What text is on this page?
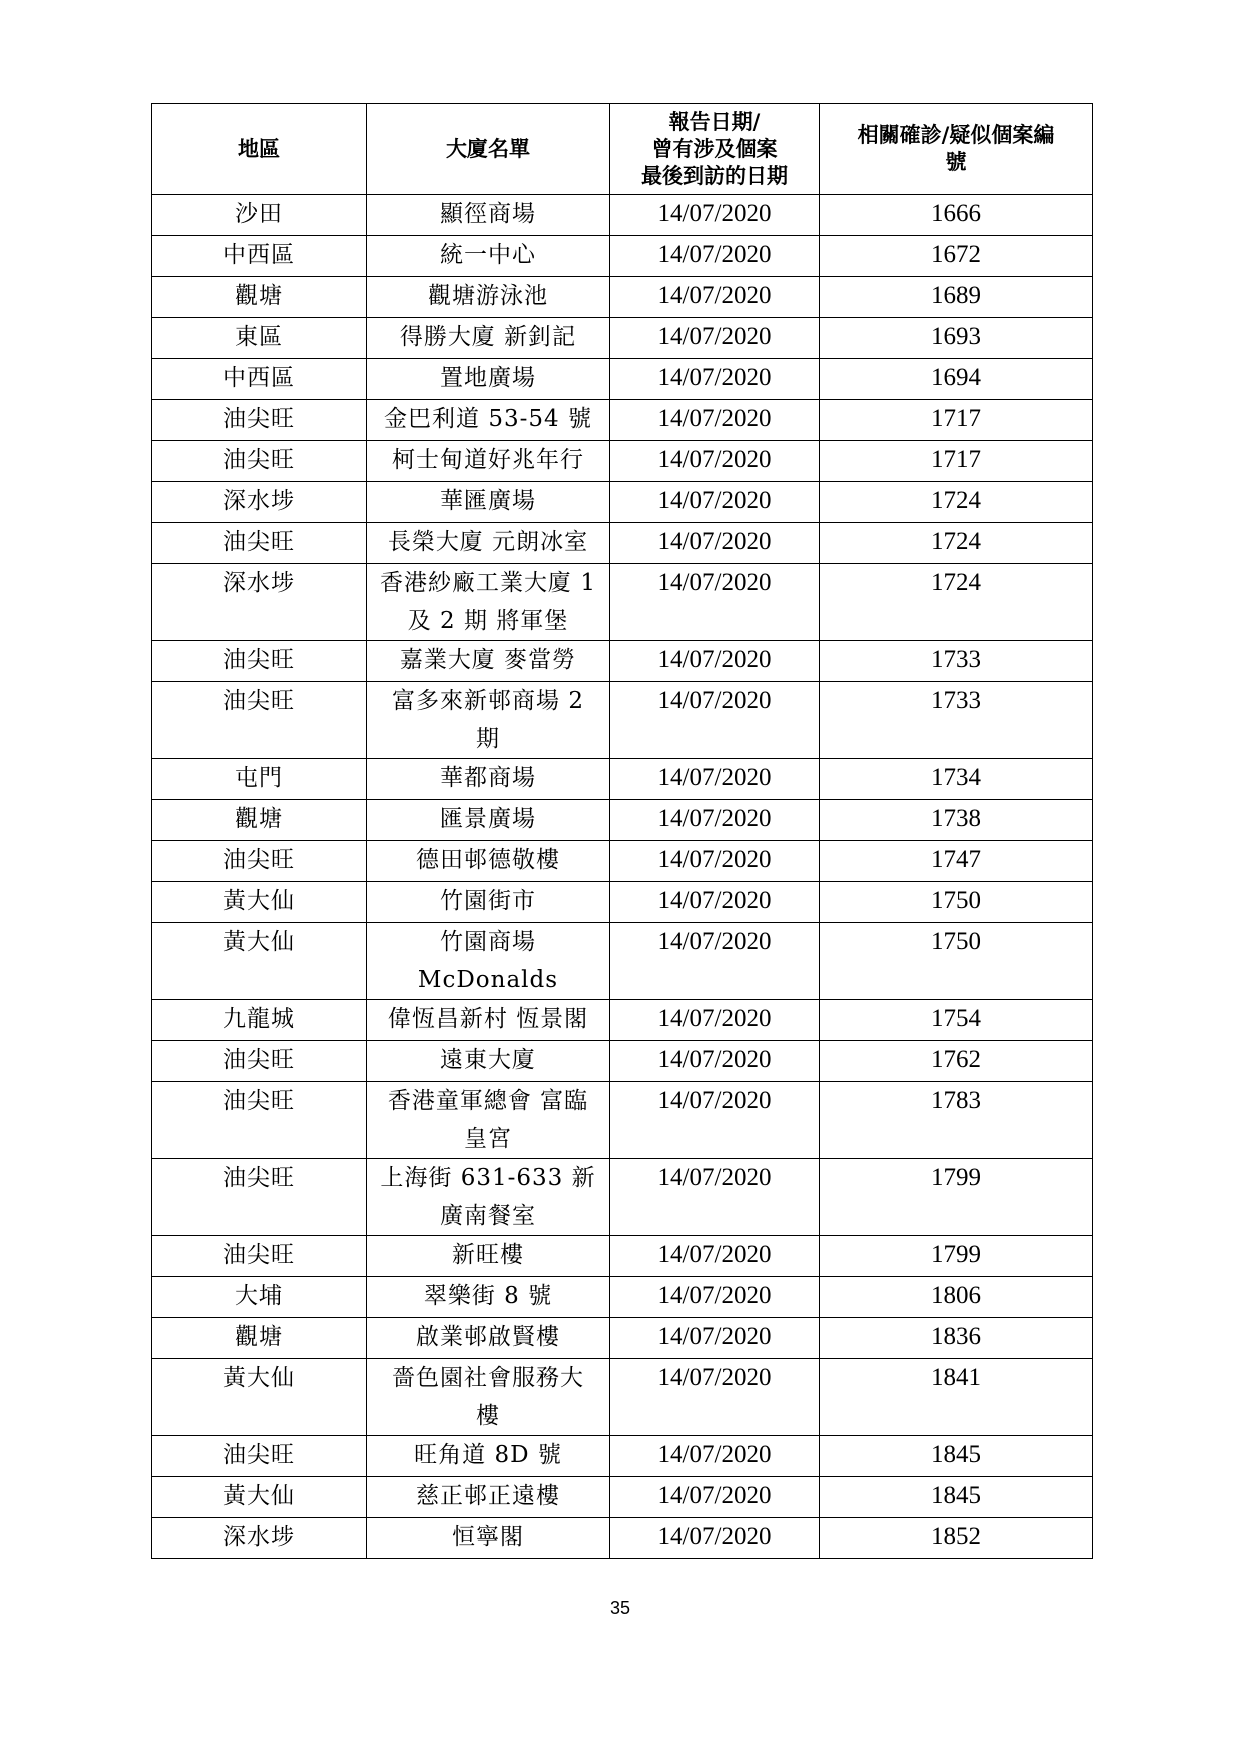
地區	大廈名單	報告日期/
曾有涉及個案
最後到訪的日期	相關確診/疑似個案編
號

沙田	顯徑商場	14/07/2020	1666
中西區	統一中心	14/07/2020	1672
觀塘	觀塘游泳池	14/07/2020	1689
東區	得勝大廈 新釗記	14/07/2020	1693
中西區	置地廣場	14/07/2020	1694
油尖旺	金巴利道 53-54 號	14/07/2020	1717
油尖旺	柯士甸道好兆年行	14/07/2020	1717
深水埗	華匯廣場	14/07/2020	1724
油尖旺	長榮大廈 元朗冰室	14/07/2020	1724
深水埗	香港紗廠工業大廈 1
及 2 期 將軍堡	14/07/2020	1724
油尖旺	嘉業大廈 麥當勞	14/07/2020	1733
油尖旺	富多來新邨商場 2
期	14/07/2020	1733
屯門	華都商場	14/07/2020	1734
觀塘	匯景廣場	14/07/2020	1738
油尖旺	德田邨德敬樓	14/07/2020	1747
黃大仙	竹園街市	14/07/2020	1750
黃大仙	竹園商場
McDonalds	14/07/2020	1750
九龍城	偉恆昌新村 恆景閣	14/07/2020	1754
油尖旺	遠東大廈	14/07/2020	1762
油尖旺	香港童軍總會 富臨
皇宮	14/07/2020	1783
油尖旺	上海街 631-633 新
廣南餐室	14/07/2020	1799
油尖旺	新旺樓	14/07/2020	1799
大埔	翠樂街 8 號	14/07/2020	1806
觀塘	啟業邨啟賢樓	14/07/2020	1836
黃大仙	嗇色園社會服務大
樓	14/07/2020	1841
油尖旺	旺角道 8D 號	14/07/2020	1845
黃大仙	慈正邨正遠樓	14/07/2020	1845
深水埗	恒寧閣	14/07/2020	1852
35
